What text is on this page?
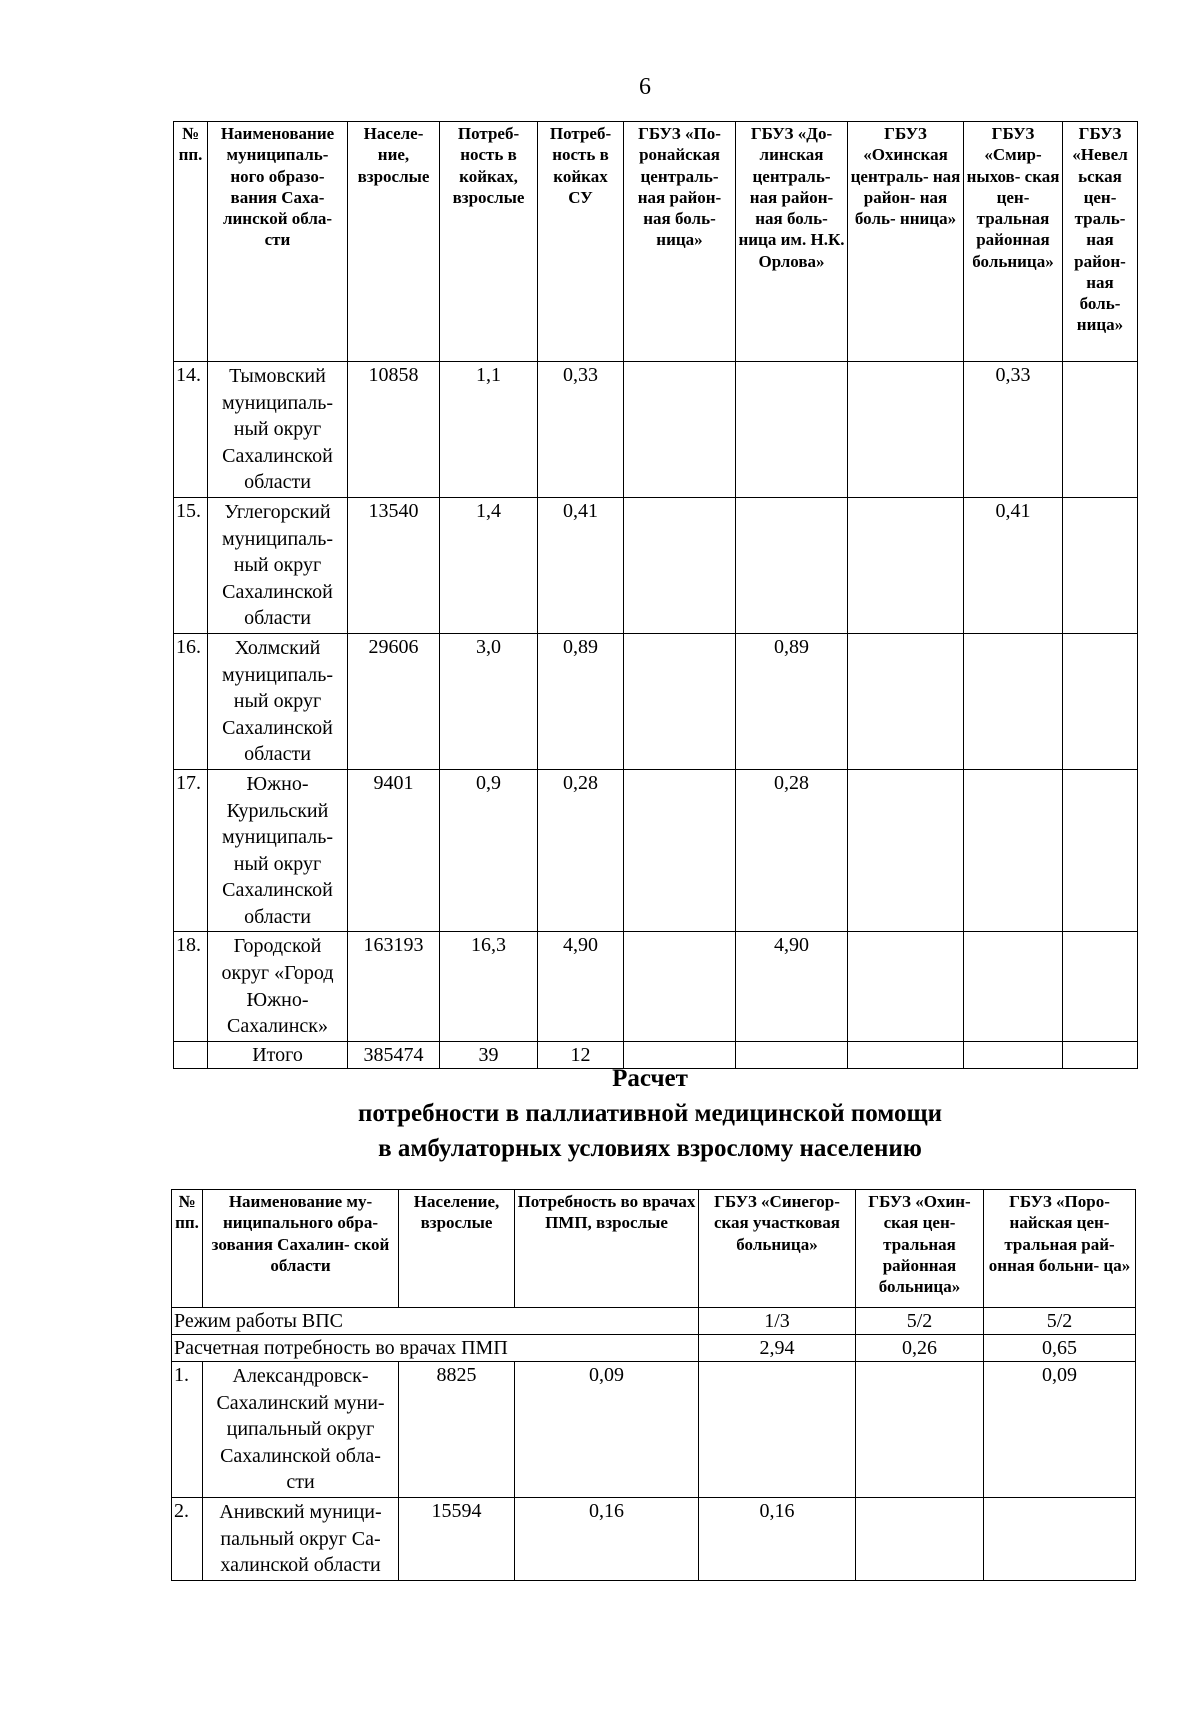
6
№ пп.	Наименование муниципаль- ного образо- вания Саха- линской обла- сти	Населе- ние, взрослые	Потреб- ность в койках, взрослые	Потреб- ность в койках СУ	ГБУЗ «По- ронайская централь- ная район- ная боль- ница»	ГБУЗ «До- линская централь- ная район- ная боль- ница им. Н.К. Орлова»	ГБУЗ «Охинская централь- ная район- ная боль- нница»	ГБУЗ «Смир- ныхов- ская цен- тральная районная больница»	ГБУЗ «Невел ьская цен- траль- ная район- ная боль- ница»
14.	Тымовский муниципаль- ный округ Сахалинской области	10858	1,1	0,33				0,33	
15.	Углегорский муниципаль- ный округ Сахалинской области	13540	1,4	0,41				0,41	
16.	Холмский муниципаль- ный округ Сахалинской области	29606	3,0	0,89		0,89			
17.	Южно- Курильский муниципаль- ный округ Сахалинской области	9401	0,9	0,28		0,28			
18.	Городской округ «Город Южно- Сахалинск»	163193	16,3	4,90		4,90			
	Итого	385474	39	12					
Расчет
потребности в паллиативной медицинской помощи
в амбулаторных условиях взрослому населению
№ пп.	Наименование му- ниципального обра- зования Сахалин- ской области	Население, взрослые	Потребность во врачах ПМП, взрослые	ГБУЗ «Синегор- ская участковая больница»	ГБУЗ «Охин- ская цен- тральная районная больница»	ГБУЗ «Поро- найская цен- тральная рай- онная больни- ца»
Режим работы ВПС				1/3	5/2	5/2
Расчетная потребность во врачах ПМП				2,94	0,26	0,65
1.	Александровск- Сахалинский муни- ципальный округ Сахалинской обла- сти	8825	0,09			0,09
2.	Анивский муници- пальный округ Са- халинской области	15594	0,16	0,16		
